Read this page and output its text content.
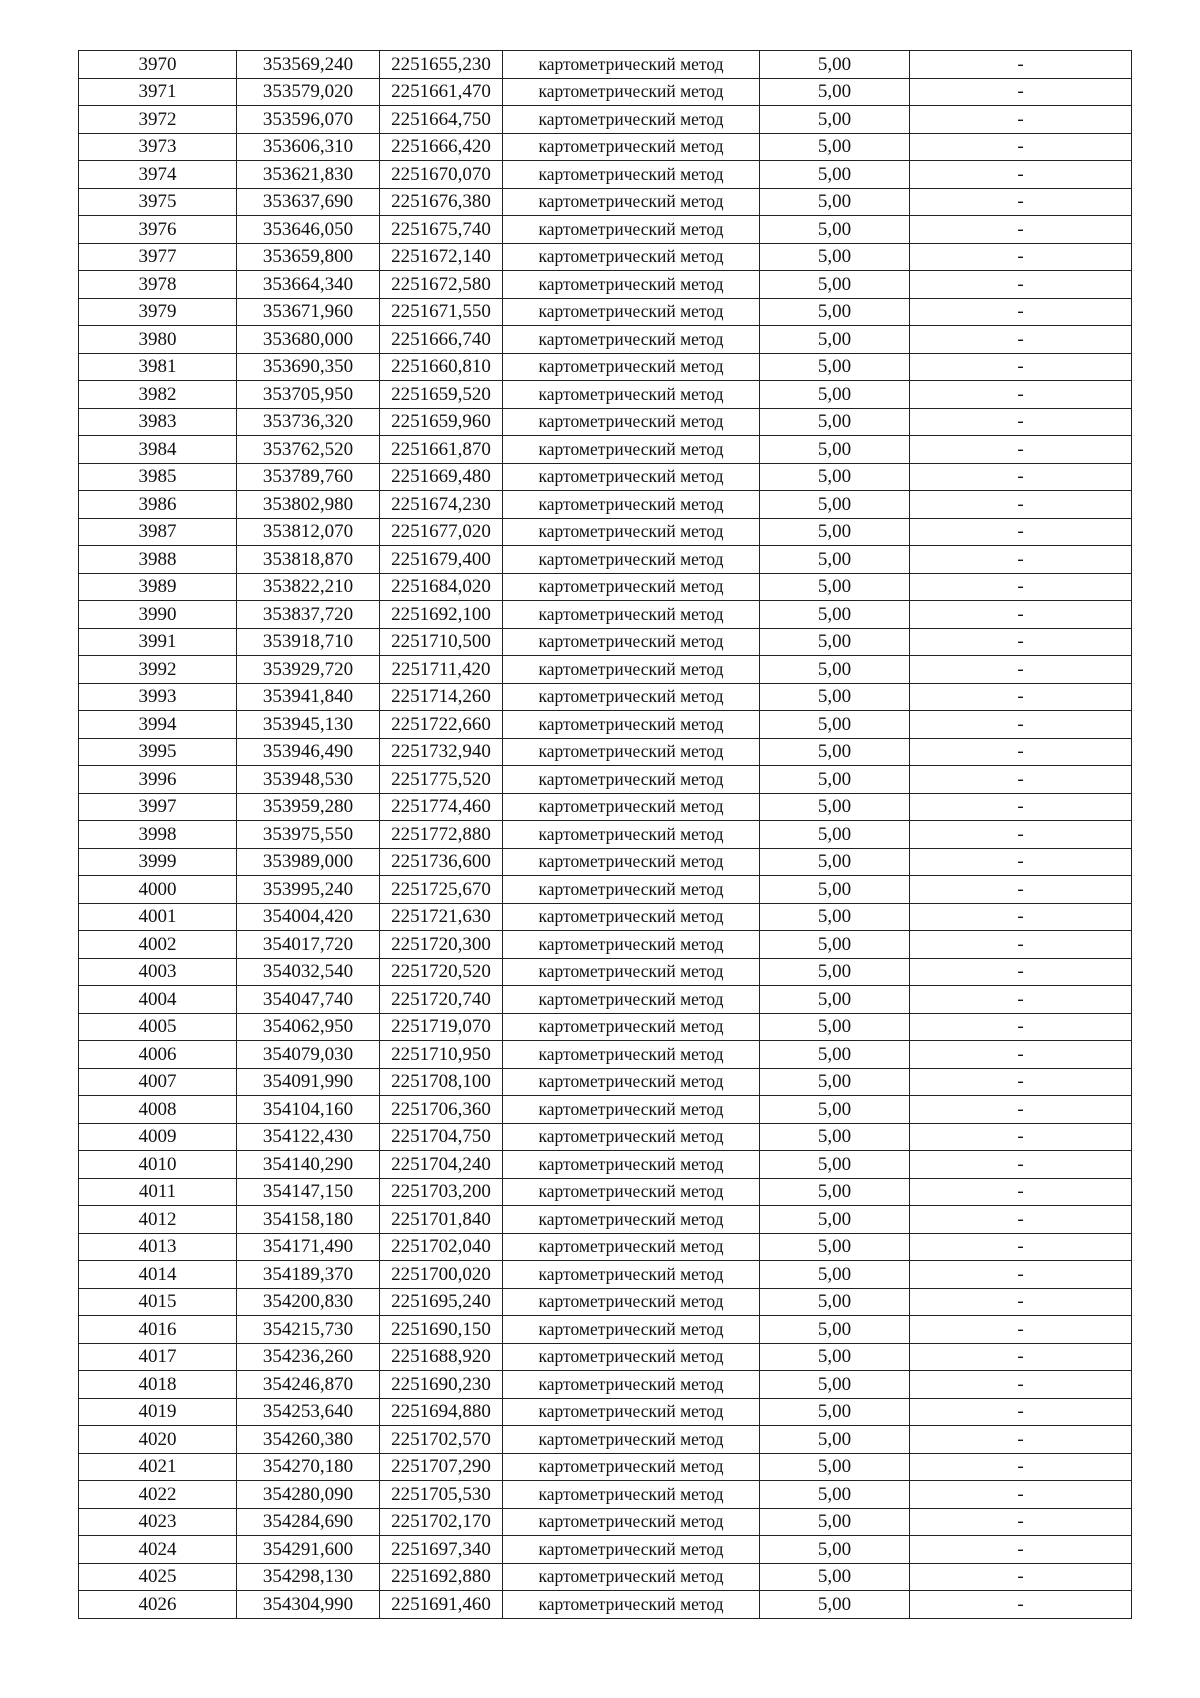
3970	353569,240	2251655,230	картометрический метод	5,00	-
3971	353579,020	2251661,470	картометрический метод	5,00	-
3972	353596,070	2251664,750	картометрический метод	5,00	-
3973	353606,310	2251666,420	картометрический метод	5,00	-
3974	353621,830	2251670,070	картометрический метод	5,00	-
3975	353637,690	2251676,380	картометрический метод	5,00	-
3976	353646,050	2251675,740	картометрический метод	5,00	-
3977	353659,800	2251672,140	картометрический метод	5,00	-
3978	353664,340	2251672,580	картометрический метод	5,00	-
3979	353671,960	2251671,550	картометрический метод	5,00	-
3980	353680,000	2251666,740	картометрический метод	5,00	-
3981	353690,350	2251660,810	картометрический метод	5,00	-
3982	353705,950	2251659,520	картометрический метод	5,00	-
3983	353736,320	2251659,960	картометрический метод	5,00	-
3984	353762,520	2251661,870	картометрический метод	5,00	-
3985	353789,760	2251669,480	картометрический метод	5,00	-
3986	353802,980	2251674,230	картометрический метод	5,00	-
3987	353812,070	2251677,020	картометрический метод	5,00	-
3988	353818,870	2251679,400	картометрический метод	5,00	-
3989	353822,210	2251684,020	картометрический метод	5,00	-
3990	353837,720	2251692,100	картометрический метод	5,00	-
3991	353918,710	2251710,500	картометрический метод	5,00	-
3992	353929,720	2251711,420	картометрический метод	5,00	-
3993	353941,840	2251714,260	картометрический метод	5,00	-
3994	353945,130	2251722,660	картометрический метод	5,00	-
3995	353946,490	2251732,940	картометрический метод	5,00	-
3996	353948,530	2251775,520	картометрический метод	5,00	-
3997	353959,280	2251774,460	картометрический метод	5,00	-
3998	353975,550	2251772,880	картометрический метод	5,00	-
3999	353989,000	2251736,600	картометрический метод	5,00	-
4000	353995,240	2251725,670	картометрический метод	5,00	-
4001	354004,420	2251721,630	картометрический метод	5,00	-
4002	354017,720	2251720,300	картометрический метод	5,00	-
4003	354032,540	2251720,520	картометрический метод	5,00	-
4004	354047,740	2251720,740	картометрический метод	5,00	-
4005	354062,950	2251719,070	картометрический метод	5,00	-
4006	354079,030	2251710,950	картометрический метод	5,00	-
4007	354091,990	2251708,100	картометрический метод	5,00	-
4008	354104,160	2251706,360	картометрический метод	5,00	-
4009	354122,430	2251704,750	картометрический метод	5,00	-
4010	354140,290	2251704,240	картометрический метод	5,00	-
4011	354147,150	2251703,200	картометрический метод	5,00	-
4012	354158,180	2251701,840	картометрический метод	5,00	-
4013	354171,490	2251702,040	картометрический метод	5,00	-
4014	354189,370	2251700,020	картометрический метод	5,00	-
4015	354200,830	2251695,240	картометрический метод	5,00	-
4016	354215,730	2251690,150	картометрический метод	5,00	-
4017	354236,260	2251688,920	картометрический метод	5,00	-
4018	354246,870	2251690,230	картометрический метод	5,00	-
4019	354253,640	2251694,880	картометрический метод	5,00	-
4020	354260,380	2251702,570	картометрический метод	5,00	-
4021	354270,180	2251707,290	картометрический метод	5,00	-
4022	354280,090	2251705,530	картометрический метод	5,00	-
4023	354284,690	2251702,170	картометрический метод	5,00	-
4024	354291,600	2251697,340	картометрический метод	5,00	-
4025	354298,130	2251692,880	картометрический метод	5,00	-
4026	354304,990	2251691,460	картометрический метод	5,00	-
